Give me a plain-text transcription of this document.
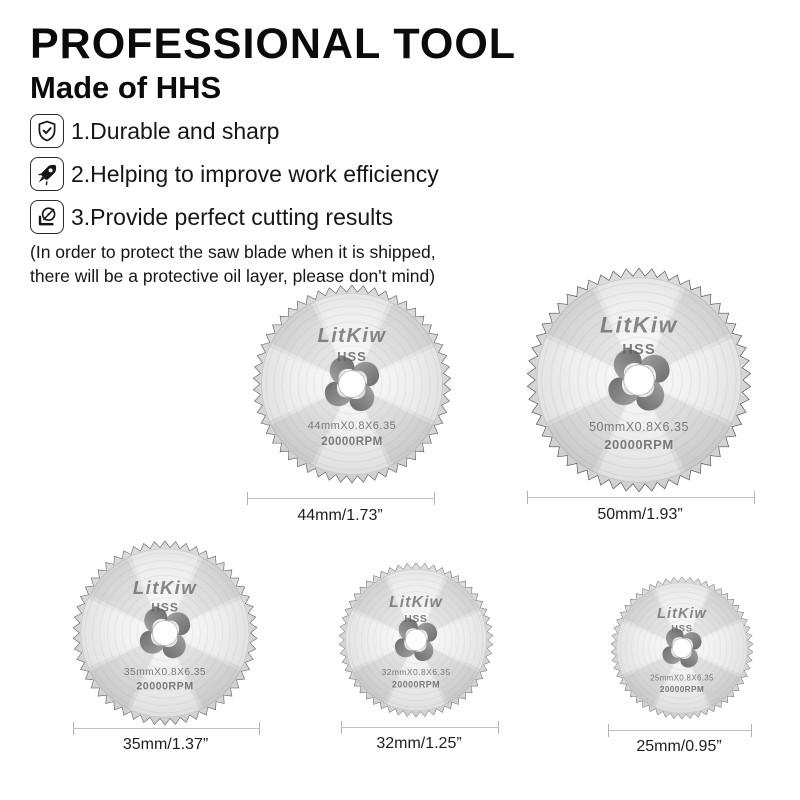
PROFESSIONAL TOOL
Made of HHS
1.Durable and sharp
2.Helping to improve work efficiency
3.Provide perfect cutting results

(In order to protect the saw blade when it is shipped,
there will be a protective oil layer, please don't mind)

LitKiw
HSS
44mmX0.8X6.35
20000RPM
LitKiw
HSS
50mmX0.8X6.35
20000RPM
LitKiw
HSS
35mmX0.8X6.35
20000RPM
LitKiw
HSS
32mmX0.8X6.35
20000RPM
LitKiw
HSS
25mmX0.8X6.35
20000RPM
44mm/1.73”	50mm/1.93”
35mm/1.37”	32mm/1.25”	25mm/0.95”
